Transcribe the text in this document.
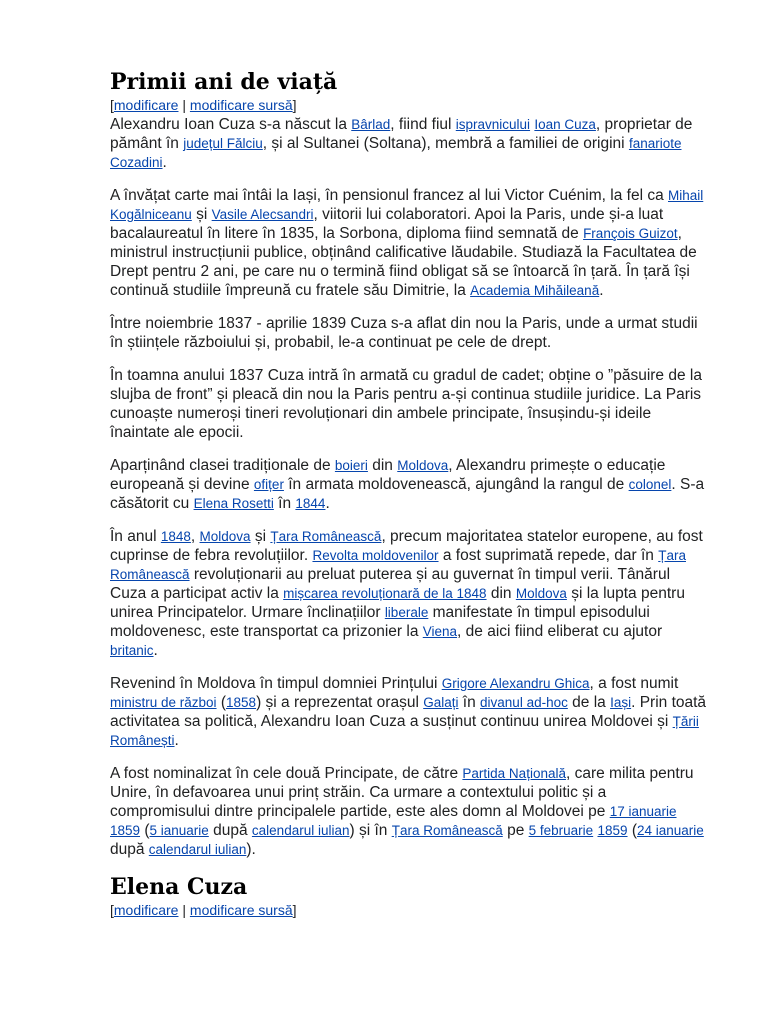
Primii ani de viață
[modificare | modificare sursă]

Alexandru Ioan Cuza s-a născut la Bârlad, fiind fiul ispravnicului Ioan Cuza, proprietar de pământ în județul Fălciu, și al Sultanei (Soltana), membră a familiei de origini fanariote Cozadini.

A învățat carte mai întâi la Iași, în pensionul francez al lui Victor Cuénim, la fel ca Mihail Kogălniceanu și Vasile Alecsandri, viitorii lui colaboratori. Apoi la Paris, unde și-a luat bacalaureatul în litere în 1835, la Sorbona, diploma fiind semnată de François Guizot, ministrul instrucțiunii publice, obținând calificative lăudabile. Studiază la Facultatea de Drept pentru 2 ani, pe care nu o termină fiind obligat să se întoarcă în țară. În țară își continuă studiile împreună cu fratele său Dimitrie, la Academia Mihăileană.

Între noiembrie 1837 - aprilie 1839 Cuza s-a aflat din nou la Paris, unde a urmat studii în științele războiului și, probabil, le-a continuat pe cele de drept.

În toamna anului 1837 Cuza intră în armată cu gradul de cadet; obține o ”păsuire de la slujba de front” și pleacă din nou la Paris pentru a-și continua studiile juridice. La Paris cunoaște numeroși tineri revoluționari din ambele principate, însușindu-și ideile înaintate ale epocii.

Aparținând clasei tradiționale de boieri din Moldova, Alexandru primește o educație europeană și devine ofițer în armata moldovenească, ajungând la rangul de colonel. S-a căsătorit cu Elena Rosetti în 1844.

În anul 1848, Moldova și Țara Românească, precum majoritatea statelor europene, au fost cuprinse de febra revoluțiilor. Revolta moldovenilor a fost suprimată repede, dar în Țara Românească revoluționarii au preluat puterea și au guvernat în timpul verii. Tânărul Cuza a participat activ la mișcarea revoluționară de la 1848 din Moldova și la lupta pentru unirea Principatelor. Urmare înclinațiilor liberale manifestate în timpul episodului moldovenesc, este transportat ca prizonier la Viena, de aici fiind eliberat cu ajutor britanic.

Revenind în Moldova în timpul domniei Prințului Grigore Alexandru Ghica, a fost numit ministru de război (1858) și a reprezentat orașul Galați în divanul ad-hoc de la Iași. Prin toată activitatea sa politică, Alexandru Ioan Cuza a susținut continuu unirea Moldovei și Țării Românești.

A fost nominalizat în cele două Principate, de către Partida Națională, care milita pentru Unire, în defavoarea unui prinț străin. Ca urmare a contextului politic și a compromisului dintre principalele partide, este ales domn al Moldovei pe 17 ianuarie 1859 (5 ianuarie după calendarul iulian) și în Țara Românească pe 5 februarie 1859 (24 ianuarie după calendarul iulian).

Elena Cuza
[modificare | modificare sursă]
